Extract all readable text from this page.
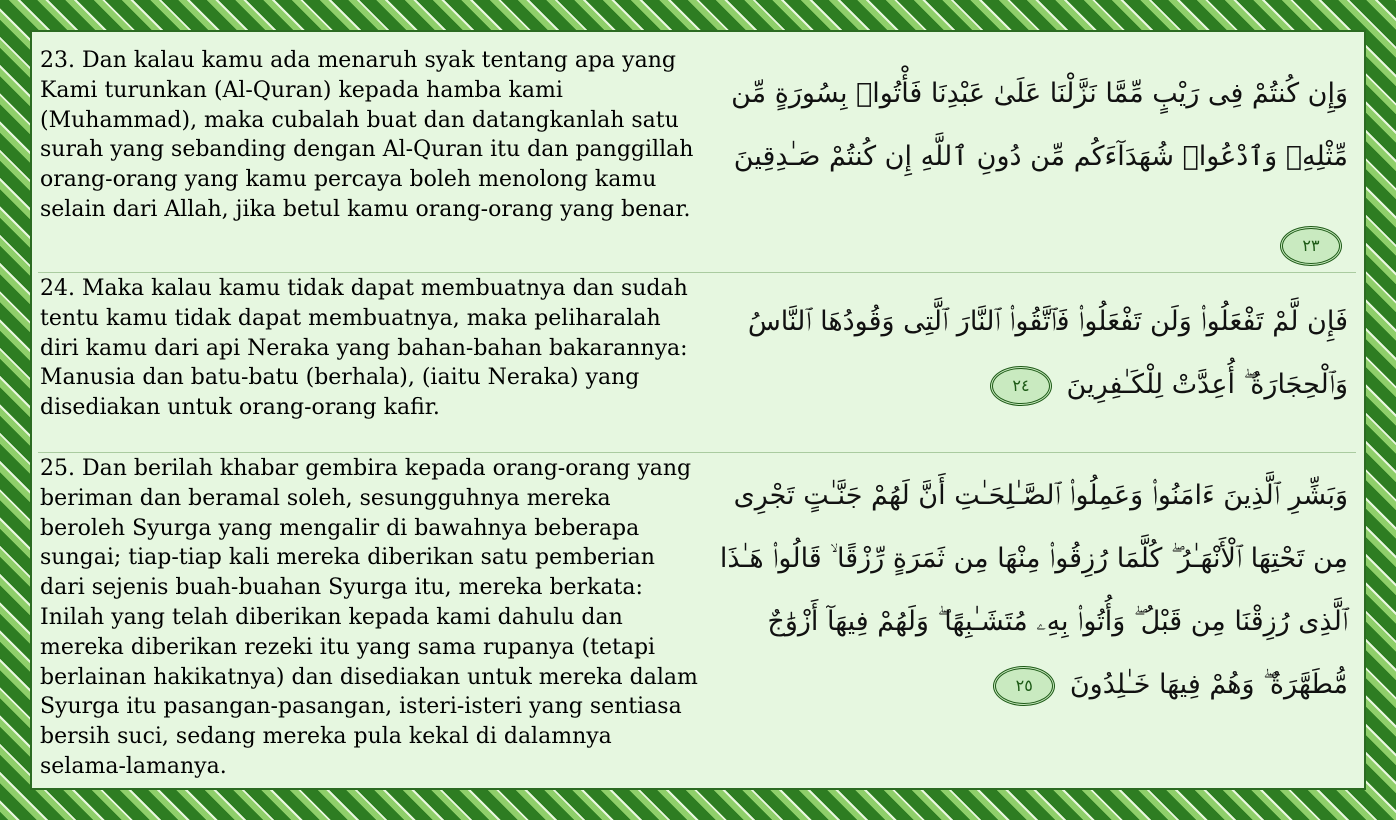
23. Dan kalau kamu ada menaruh syak tentang apa yang Kami turunkan (Al-Quran) kepada hamba kami (Muhammad), maka cubalah buat dan datangkanlah satu surah yang sebanding dengan Al-Quran itu dan panggillah orang-orang yang kamu percaya boleh menolong kamu selain dari Allah, jika betul kamu orang-orang yang benar.
وَإِن كُنتُمْ فِى رَيْبٍ مِّمَّا نَزَّلْنَا عَلَىٰ عَبْدِنَا فَأْتُوا۟ بِسُورَةٍ مِّن مِّثْلِهِۦ وَٱدْعُوا۟ شُهَدَآءَكُم مِّن دُونِ ٱللَّهِ إِن كُنتُمْ صَـٰدِقِينَ
٢٣
24. Maka kalau kamu tidak dapat membuatnya dan sudah tentu kamu tidak dapat membuatnya, maka peliharalah diri kamu dari api Neraka yang bahan-bahan bakarannya: Manusia dan batu-batu (berhala), (iaitu Neraka) yang disediakan untuk orang-orang kafir.
فَإِن لَّمْ تَفْعَلُوا۟ وَلَن تَفْعَلُوا۟ فَٱتَّقُوا۟ ٱلنَّارَ ٱلَّتِى وَقُودُهَا ٱلنَّاسُ وَٱلْحِجَارَةُ ۖ أُعِدَّتْ لِلْكَـٰفِرِينَ ٢٤
25. Dan berilah khabar gembira kepada orang-orang yang beriman dan beramal soleh, sesungguhnya mereka beroleh Syurga yang mengalir di bawahnya beberapa sungai; tiap-tiap kali mereka diberikan satu pemberian dari sejenis buah-buahan Syurga itu, mereka berkata: Inilah yang telah diberikan kepada kami dahulu dan mereka diberikan rezeki itu yang sama rupanya (tetapi berlainan hakikatnya) dan disediakan untuk mereka dalam Syurga itu pasangan-pasangan, isteri-isteri yang sentiasa bersih suci, sedang mereka pula kekal di dalamnya selama-lamanya.
وَبَشِّرِ ٱلَّذِينَ ءَامَنُوا۟ وَعَمِلُوا۟ ٱلصَّـٰلِحَـٰتِ أَنَّ لَهُمْ جَنَّـٰتٍ تَجْرِى مِن تَحْتِهَا ٱلْأَنْهَـٰرُ ۖ كُلَّمَا رُزِقُوا۟ مِنْهَا مِن ثَمَرَةٍ رِّزْقًا ۙ قَالُوا۟ هَـٰذَا ٱلَّذِى رُزِقْنَا مِن قَبْلُ ۖ وَأُتُوا۟ بِهِۦ مُتَشَـٰبِهًا ۖ وَلَهُمْ فِيهَآ أَزْوَٰجٌ مُّطَهَّرَةٌ ۖ وَهُمْ فِيهَا خَـٰلِدُونَ ٢٥
